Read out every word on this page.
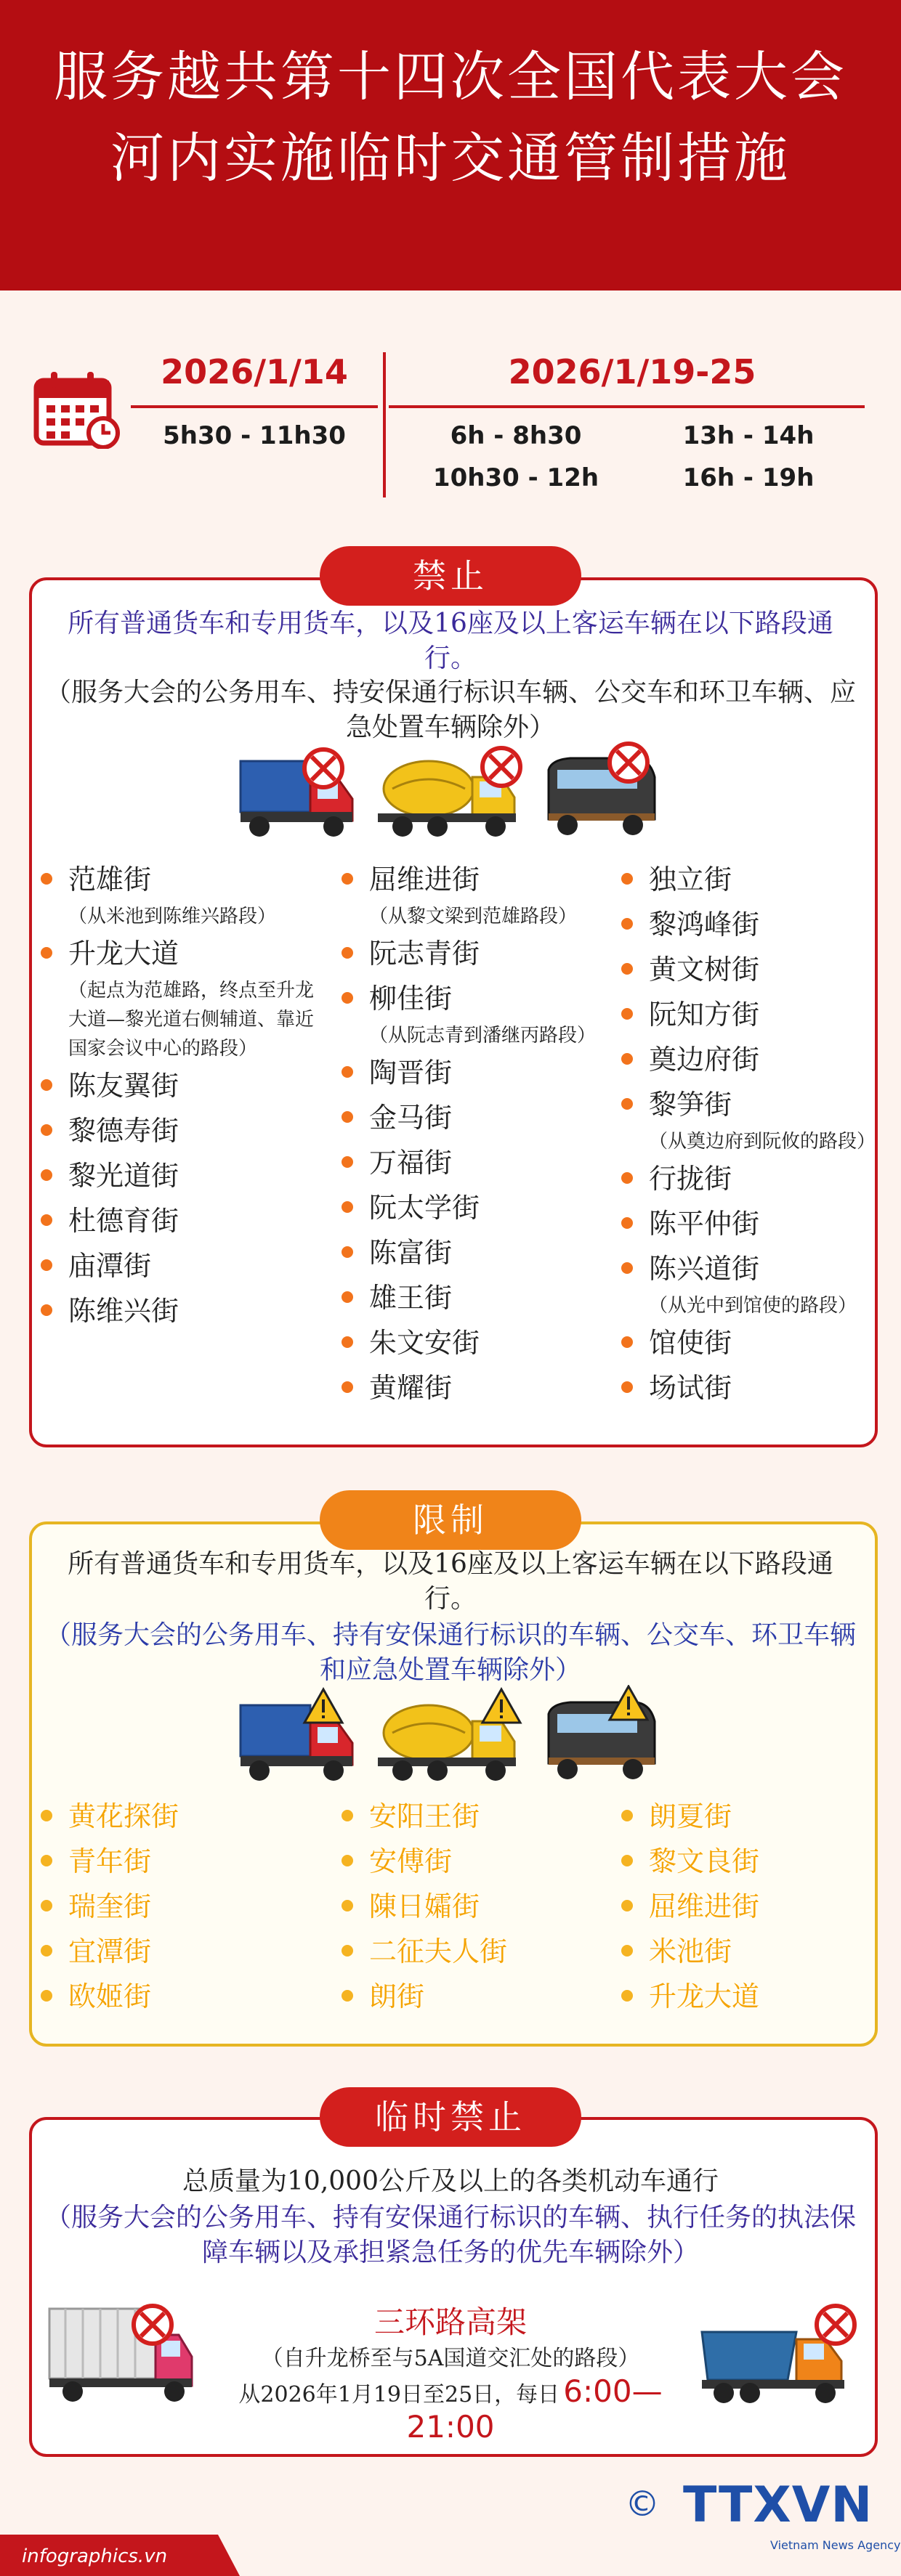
服务越共第十四次全国代表大会 河内实施临时交通管制措施
2026/1/14	2026/1/19-25
5h30 - 11h30	6h - 8h30
10h30 - 12h
13h - 14h
16h - 19h
禁止
所有普通货车和专用货车，以及16座及以上客运车辆在以下路段通行。
（服务大会的公务用车、持安保通行标识车辆、公交车和环卫车辆、应急处置车辆除外）
范雄街
（从米池到陈维兴路段）
升龙大道
（起点为范雄路，终点至升龙
大道—黎光道右侧辅道、靠近
国家会议中心的路段）
陈友翼街
黎德寿街
黎光道街
杜德育街
庙潭街
陈维兴街
屈维进街
（从黎文梁到范雄路段）
阮志青街
柳佳街
（从阮志青到潘继丙路段）
陶晋街
金马街
万福街
阮太学街
陈富街
雄王街
朱文安街
黄耀街
独立街
黎鸿峰街
黄文树街
阮知方街
奠边府街
黎笋街
（从奠边府到阮攸的路段）
行拢街
陈平仲街
陈兴道街
（从光中到馆使的路段）
馆使街
场试街
限制
所有普通货车和专用货车，以及16座及以上客运车辆在以下路段通行。
（服务大会的公务用车、持有安保通行标识的车辆、公交车、环卫车辆和应急处置车辆除外）
黄花探街
青年街
瑞奎街
宜潭街
欧姬街
安阳王街
安傅街
陳日孀街
二征夫人街
朗街
朗夏街
黎文良街
屈维进街
米池街
升龙大道
临时禁止
总质量为10,000公斤及以上的各类机动车通行
（服务大会的公务用车、持有安保通行标识的车辆、执行任务的执法保障车辆以及承担紧急任务的优先车辆除外）
三环路高架
（自升龙桥至与5A国道交汇处的路段）
从2026年1月19日至25日，每日 6:00—21:00
infographics.vn
© TTXVN
Vietnam News Agency
